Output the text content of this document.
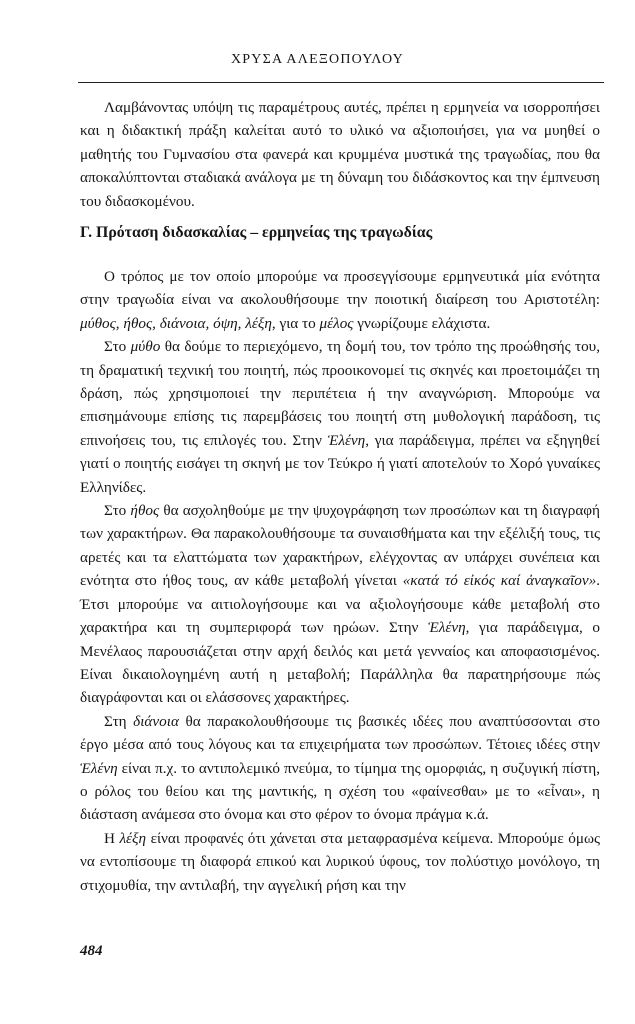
ΧΡΥΣΑ ΑΛΕΞΟΠΟΥΛΟΥ

Λαμβάνοντας υπόψη τις παραμέτρους αυτές, πρέπει η ερμηνεία να ισορροπήσει και η διδακτική πράξη καλείται αυτό το υλικό να αξιοποιήσει, για να μυηθεί ο μαθητής του Γυμνασίου στα φανερά και κρυμμένα μυστικά της τραγωδίας, που θα αποκαλύπτονται σταδιακά ανάλογα με τη δύναμη του διδάσκοντος και την έμπνευση του διδασκομένου.

Γ. Πρόταση διδασκαλίας – ερμηνείας της τραγωδίας

Ο τρόπος με τον οποίο μπορούμε να προσεγγίσουμε ερμηνευτικά μία ενότητα στην τραγωδία είναι να ακολουθήσουμε την ποιοτική διαίρεση του Αριστοτέλη: μύθος, ήθος, διάνοια, όψη, λέξη, για το μέλος γνωρίζουμε ελάχιστα.

Στο μύθο θα δούμε το περιεχόμενο, τη δομή του, τον τρόπο της προώθησής του, τη δραματική τεχνική του ποιητή, πώς προοικονομεί τις σκηνές και προετοιμάζει τη δράση, πώς χρησιμοποιεί την περιπέτεια ή την αναγνώριση. Μπορούμε να επισημάνουμε επίσης τις παρεμβάσεις του ποιητή στη μυθολογική παράδοση, τις επινοήσεις του, τις επιλογές του. Στην Ἑλένη, για παράδειγμα, πρέπει να εξηγηθεί γιατί ο ποιητής εισάγει τη σκηνή με τον Τεύκρο ή γιατί αποτελούν το Χορό γυναίκες Ελληνίδες.

Στο ήθος θα ασχοληθούμε με την ψυχογράφηση των προσώπων και τη διαγραφή των χαρακτήρων. Θα παρακολουθήσουμε τα συναισθήματα και την εξέλιξή τους, τις αρετές και τα ελαττώματα των χαρακτήρων, ελέγχοντας αν υπάρχει συνέπεια και ενότητα στο ήθος τους, αν κάθε μεταβολή γίνεται «κατά τό εἰκός καί ἀναγκαῖον». Έτσι μπορούμε να αιτιολογήσουμε και να αξιολογήσουμε κάθε μεταβολή στο χαρακτήρα και τη συμπεριφορά των ηρώων. Στην Ἑλένη, για παράδειγμα, ο Μενέλαος παρουσιάζεται στην αρχή δειλός και μετά γενναίος και αποφασισμένος. Είναι δικαιολογημένη αυτή η μεταβολή; Παράλληλα θα παρατηρήσουμε πώς διαγράφονται και οι ελάσσονες χαρακτήρες.

Στη διάνοια θα παρακολουθήσουμε τις βασικές ιδέες που αναπτύσσονται στο έργο μέσα από τους λόγους και τα επιχειρήματα των προσώπων. Τέτοιες ιδέες στην Ἑλένη είναι π.χ. το αντιπολεμικό πνεύμα, το τίμημα της ομορφιάς, η συζυγική πίστη, ο ρόλος του θείου και της μαντικής, η σχέση του «φαίνεσθαι» με το «εἶναι», η διάσταση ανάμεσα στο όνομα και στο φέρον το όνομα πράγμα κ.ά.

Η λέξη είναι προφανές ότι χάνεται στα μεταφρασμένα κείμενα. Μπορούμε όμως να εντοπίσουμε τη διαφορά επικού και λυρικού ύφους, τον πολύστιχο μονόλογο, τη στιχομυθία, την αντιλαβή, την αγγελική ρήση και την

484
